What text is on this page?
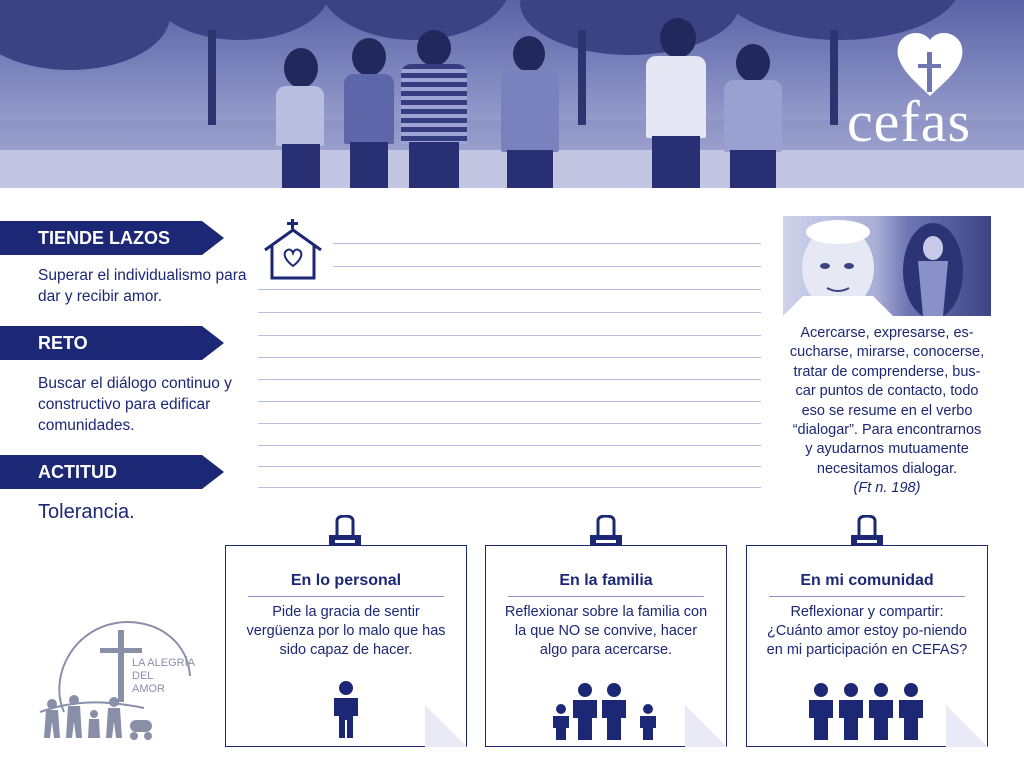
cefas
TIENDE LAZOS
Superar el individualismo para dar y recibir amor.
RETO
Buscar el diálogo continuo y constructivo para edificar comunidades.
ACTITUD
Tolerancia.
Acercarse, expresarse, es-
cucharse, mirarse, conocerse,
tratar de comprenderse, bus-
car puntos de contacto, todo
eso se resume en el verbo
“dialogar”. Para encontrarnos
y ayudarnos mutuamente
necesitamos dialogar.
(Ft n. 198)
En lo personal
Pide la gracia de sentir vergüenza por lo malo que has sido capaz de hacer.
En la familia
Reflexionar sobre la familia con la que NO se convive, hacer algo para acercarse.
En mi comunidad
Reflexionar y compartir: ¿Cuánto amor estoy po-niendo en mi participación en CEFAS?
LA ALEGRÍA
DEL
AMOR
